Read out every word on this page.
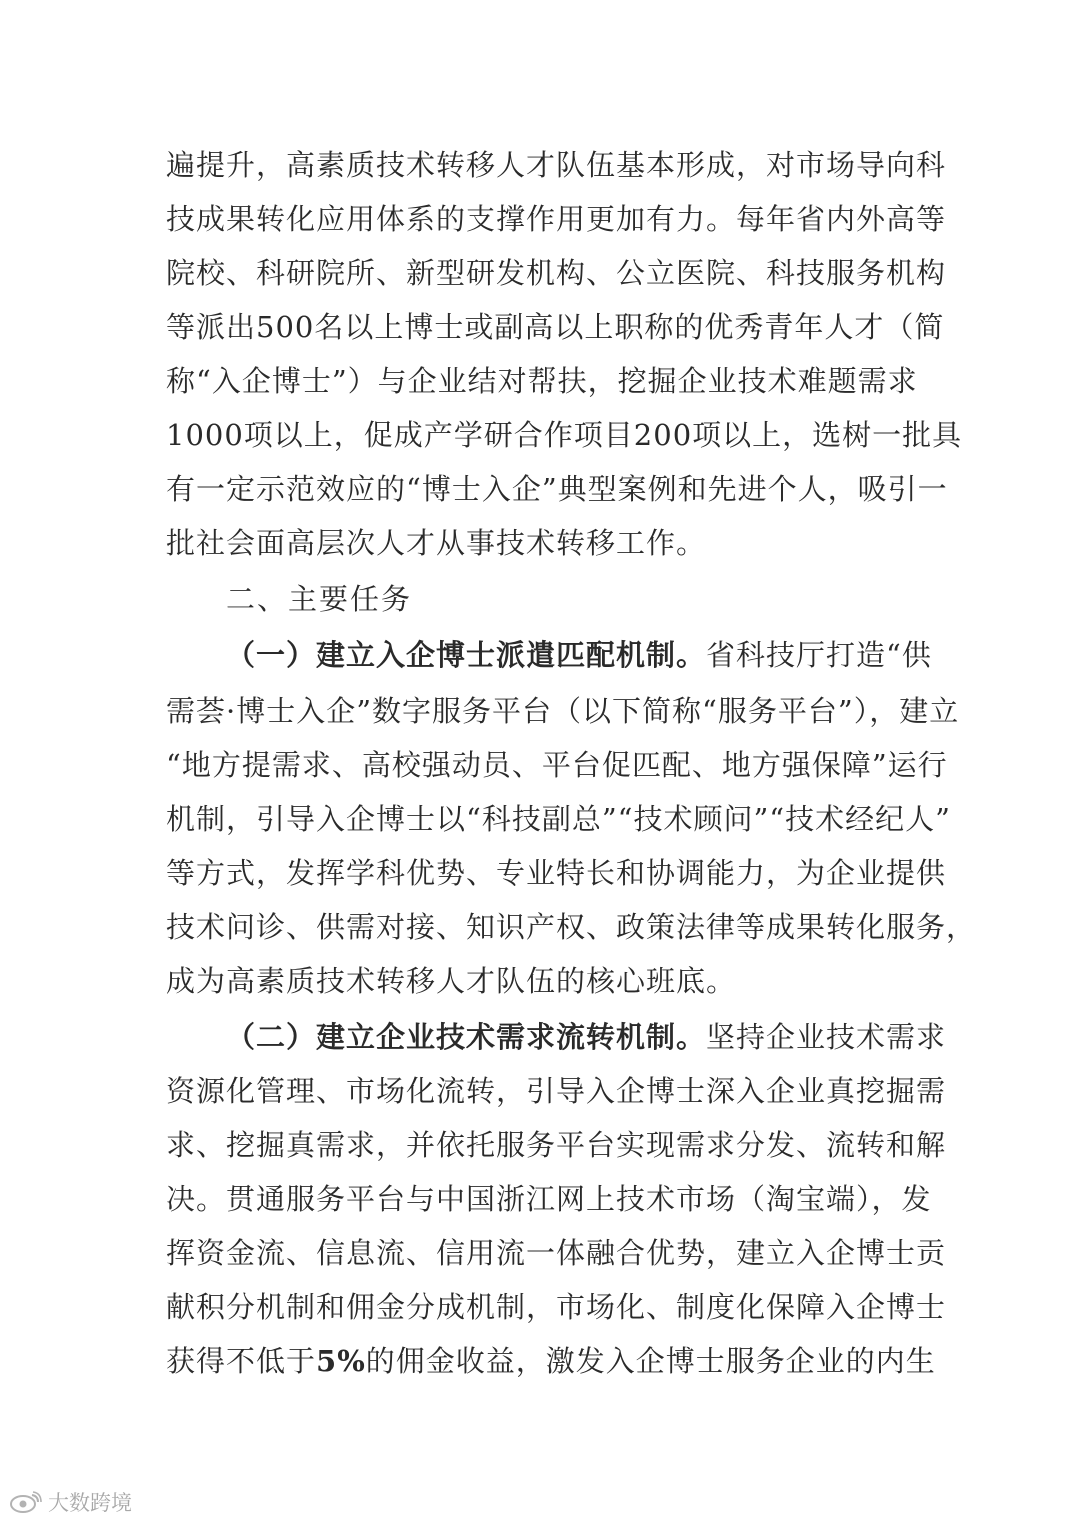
遍提升，高素质技术转移人才队伍基本形成，对市场导向科
技成果转化应用体系的支撑作用更加有力。每年省内外高等
院校、科研院所、新型研发机构、公立医院、科技服务机构
等派出500名以上博士或副高以上职称的优秀青年人才（简
称“入企博士”）与企业结对帮扶，挖掘企业技术难题需求
1000项以上，促成产学研合作项目200项以上，选树一批具
有一定示范效应的“博士入企”典型案例和先进个人，吸引一
批社会面高层次人才从事技术转移工作。
二、主要任务
（一）建立入企博士派遣匹配机制。省科技厅打造“供
需荟·博士入企”数字服务平台（以下简称“服务平台”），建立
“地方提需求、高校强动员、平台促匹配、地方强保障”运行
机制，引导入企博士以“科技副总”“技术顾问”“技术经纪人”
等方式，发挥学科优势、专业特长和协调能力，为企业提供
技术问诊、供需对接、知识产权、政策法律等成果转化服务，
成为高素质技术转移人才队伍的核心班底。
（二）建立企业技术需求流转机制。坚持企业技术需求
资源化管理、市场化流转，引导入企博士深入企业真挖掘需
求、挖掘真需求，并依托服务平台实现需求分发、流转和解
决。贯通服务平台与中国浙江网上技术市场（淘宝端），发
挥资金流、信息流、信用流一体融合优势，建立入企博士贡
献积分机制和佣金分成机制，市场化、制度化保障入企博士
获得不低于5%的佣金收益，激发入企博士服务企业的内生
大数跨境
